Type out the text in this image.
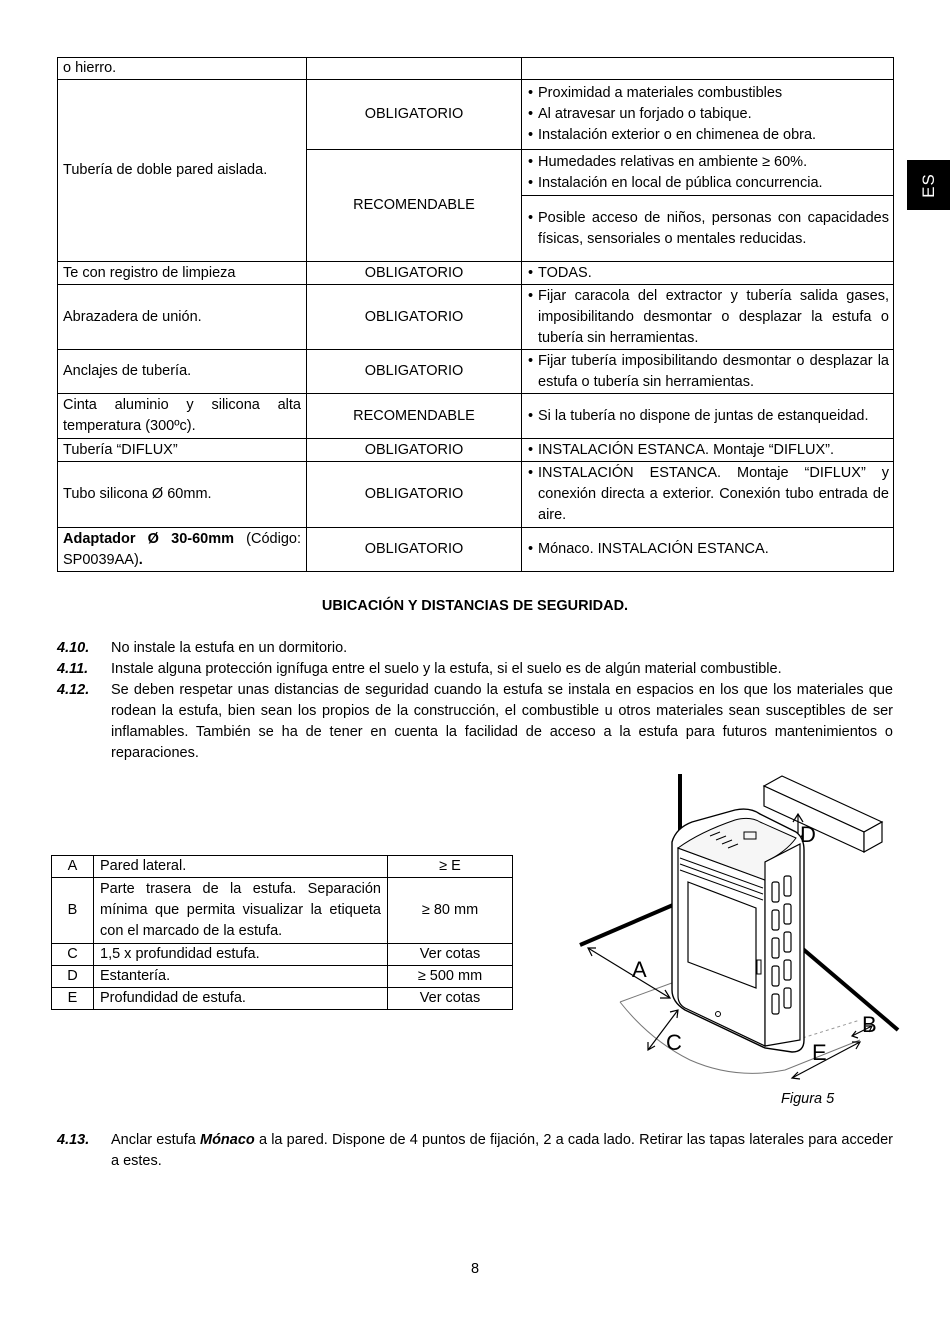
ES
o hierro.		
Tubería de doble pared aislada.	OBLIGATORIO	• Proximidad a materiales combustibles
• Al atravesar un forjado o tabique.
• Instalación exterior o en chimenea de obra.

	RECOMENDABLE	• Humedades relativas en ambiente ≥ 60%.
• Instalación en local de pública concurrencia.

		• Posible acceso de niños, personas con capacidades físicas, sensoriales o mentales reducidas.

Te con registro de limpieza	OBLIGATORIO	• TODAS.

Abrazadera de unión.	OBLIGATORIO	• Fijar caracola del extractor y tubería salida gases, imposibilitando desmontar o desplazar la estufa o tubería sin herramientas.

Anclajes de tubería.	OBLIGATORIO	• Fijar tubería imposibilitando desmontar o desplazar la estufa o tubería sin herramientas.

Cinta aluminio y silicona alta temperatura (300ºc).	RECOMENDABLE	• Si la tubería no dispone de juntas de estanqueidad.

Tubería “DIFLUX”	OBLIGATORIO	• INSTALACIÓN ESTANCA. Montaje “DIFLUX”.

Tubo silicona Ø 60mm.	OBLIGATORIO	• INSTALACIÓN ESTANCA. Montaje “DIFLUX” y conexión directa a exterior. Conexión tubo entrada de aire.

Adaptador Ø 30-60mm (Código: SP0039AA).	OBLIGATORIO	• Mónaco. INSTALACIÓN ESTANCA.
UBICACIÓN Y DISTANCIAS DE SEGURIDAD.
4.10. No instale la estufa en un dormitorio.
4.11. Instale alguna protección ignífuga entre el suelo y la estufa, si el suelo es de algún material combustible.
4.12. Se deben respetar unas distancias de seguridad cuando la estufa se instala en espacios en los que los materiales que rodean la estufa, bien sean los propios de la construcción, el combustible u otros materiales sean susceptibles de ser inflamables. También se ha de tener en cuenta la facilidad de acceso a la estufa para futuros mantenimientos o reparaciones.
A	Pared lateral.	≥ E
B	Parte trasera de la estufa. Separación mínima que permita visualizar la etiqueta con el marcado de la estufa.	≥ 80 mm
C	1,5 x profundidad estufa.	Ver cotas
D	Estantería.	≥ 500 mm
E	Profundidad de estufa.	Ver cotas
D
A
C	E
B
Figura 5
4.13. Anclar estufa Mónaco a la pared. Dispone de 4 puntos de fijación, 2 a cada lado. Retirar las tapas laterales para acceder a estes.
8
